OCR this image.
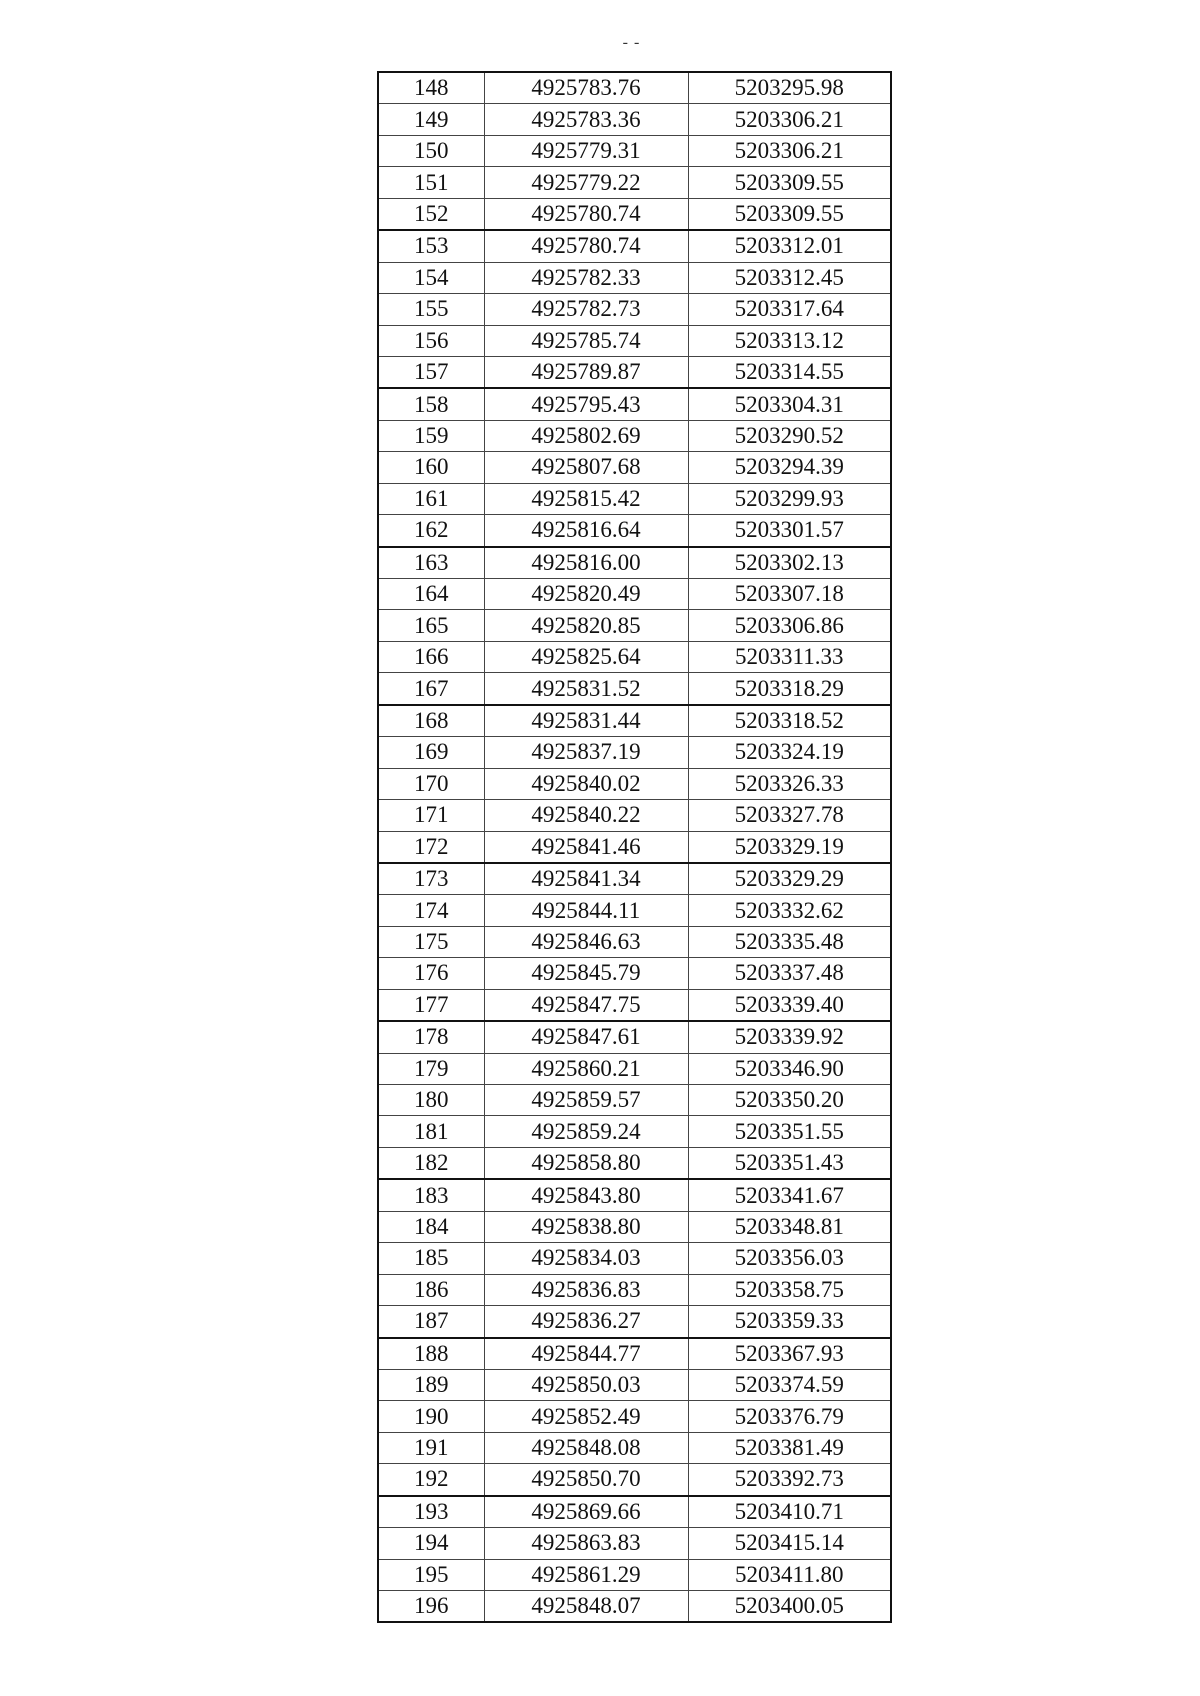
- -
148	4925783.76	5203295.98
149	4925783.36	5203306.21
150	4925779.31	5203306.21
151	4925779.22	5203309.55
152	4925780.74	5203309.55
153	4925780.74	5203312.01
154	4925782.33	5203312.45
155	4925782.73	5203317.64
156	4925785.74	5203313.12
157	4925789.87	5203314.55
158	4925795.43	5203304.31
159	4925802.69	5203290.52
160	4925807.68	5203294.39
161	4925815.42	5203299.93
162	4925816.64	5203301.57
163	4925816.00	5203302.13
164	4925820.49	5203307.18
165	4925820.85	5203306.86
166	4925825.64	5203311.33
167	4925831.52	5203318.29
168	4925831.44	5203318.52
169	4925837.19	5203324.19
170	4925840.02	5203326.33
171	4925840.22	5203327.78
172	4925841.46	5203329.19
173	4925841.34	5203329.29
174	4925844.11	5203332.62
175	4925846.63	5203335.48
176	4925845.79	5203337.48
177	4925847.75	5203339.40
178	4925847.61	5203339.92
179	4925860.21	5203346.90
180	4925859.57	5203350.20
181	4925859.24	5203351.55
182	4925858.80	5203351.43
183	4925843.80	5203341.67
184	4925838.80	5203348.81
185	4925834.03	5203356.03
186	4925836.83	5203358.75
187	4925836.27	5203359.33
188	4925844.77	5203367.93
189	4925850.03	5203374.59
190	4925852.49	5203376.79
191	4925848.08	5203381.49
192	4925850.70	5203392.73
193	4925869.66	5203410.71
194	4925863.83	5203415.14
195	4925861.29	5203411.80
196	4925848.07	5203400.05
